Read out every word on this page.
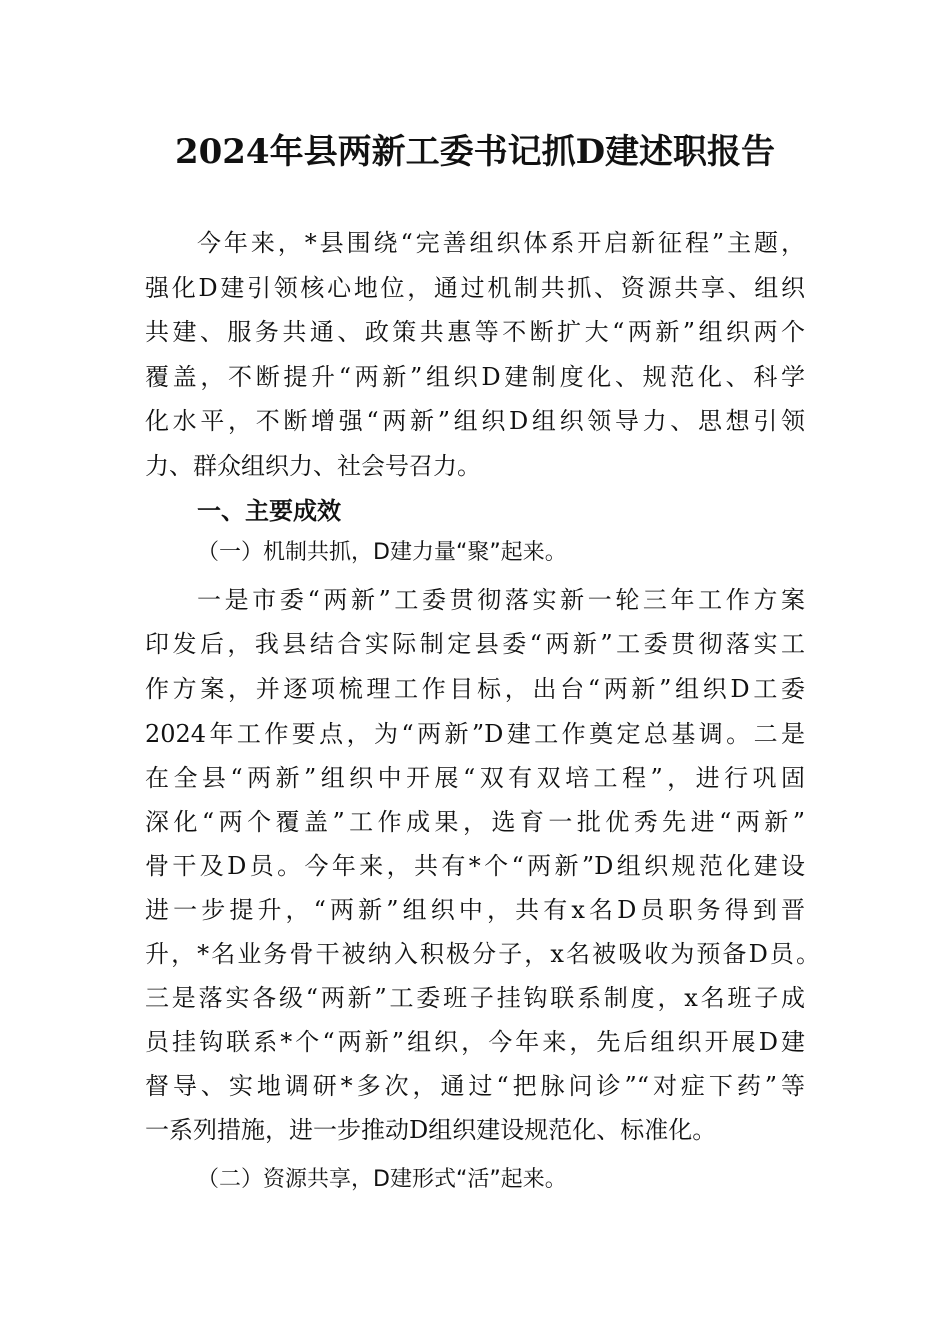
2024年县两新工委书记抓D建述职报告
今年来，*县围绕“完善组织体系开启新征程”主题，
强化D建引领核心地位，通过机制共抓、资源共享、组织
共建、服务共通、政策共惠等不断扩大“两新”组织两个
覆盖，不断提升“两新”组织D建制度化、规范化、科学
化水平，不断增强“两新”组织D组织领导力、思想引领
力、群众组织力、社会号召力。
一、主要成效
（一）机制共抓，D建力量“聚”起来。
一是市委“两新”工委贯彻落实新一轮三年工作方案
印发后，我县结合实际制定县委“两新”工委贯彻落实工
作方案，并逐项梳理工作目标，出台“两新”组织D工委
2024年工作要点，为“两新”D建工作奠定总基调。二是
在全县“两新”组织中开展“双有双培工程”，进行巩固
深化“两个覆盖”工作成果，选育一批优秀先进“两新”
骨干及D员。今年来，共有*个“两新”D组织规范化建设
进一步提升，“两新”组织中，共有x名D员职务得到晋
升，*名业务骨干被纳入积极分子，x名被吸收为预备D员。
三是落实各级“两新”工委班子挂钩联系制度，x名班子成
员挂钩联系*个“两新”组织，今年来，先后组织开展D建
督导、实地调研*多次，通过“把脉问诊”“对症下药”等
一系列措施，进一步推动D组织建设规范化、标准化。
（二）资源共享，D建形式“活”起来。
